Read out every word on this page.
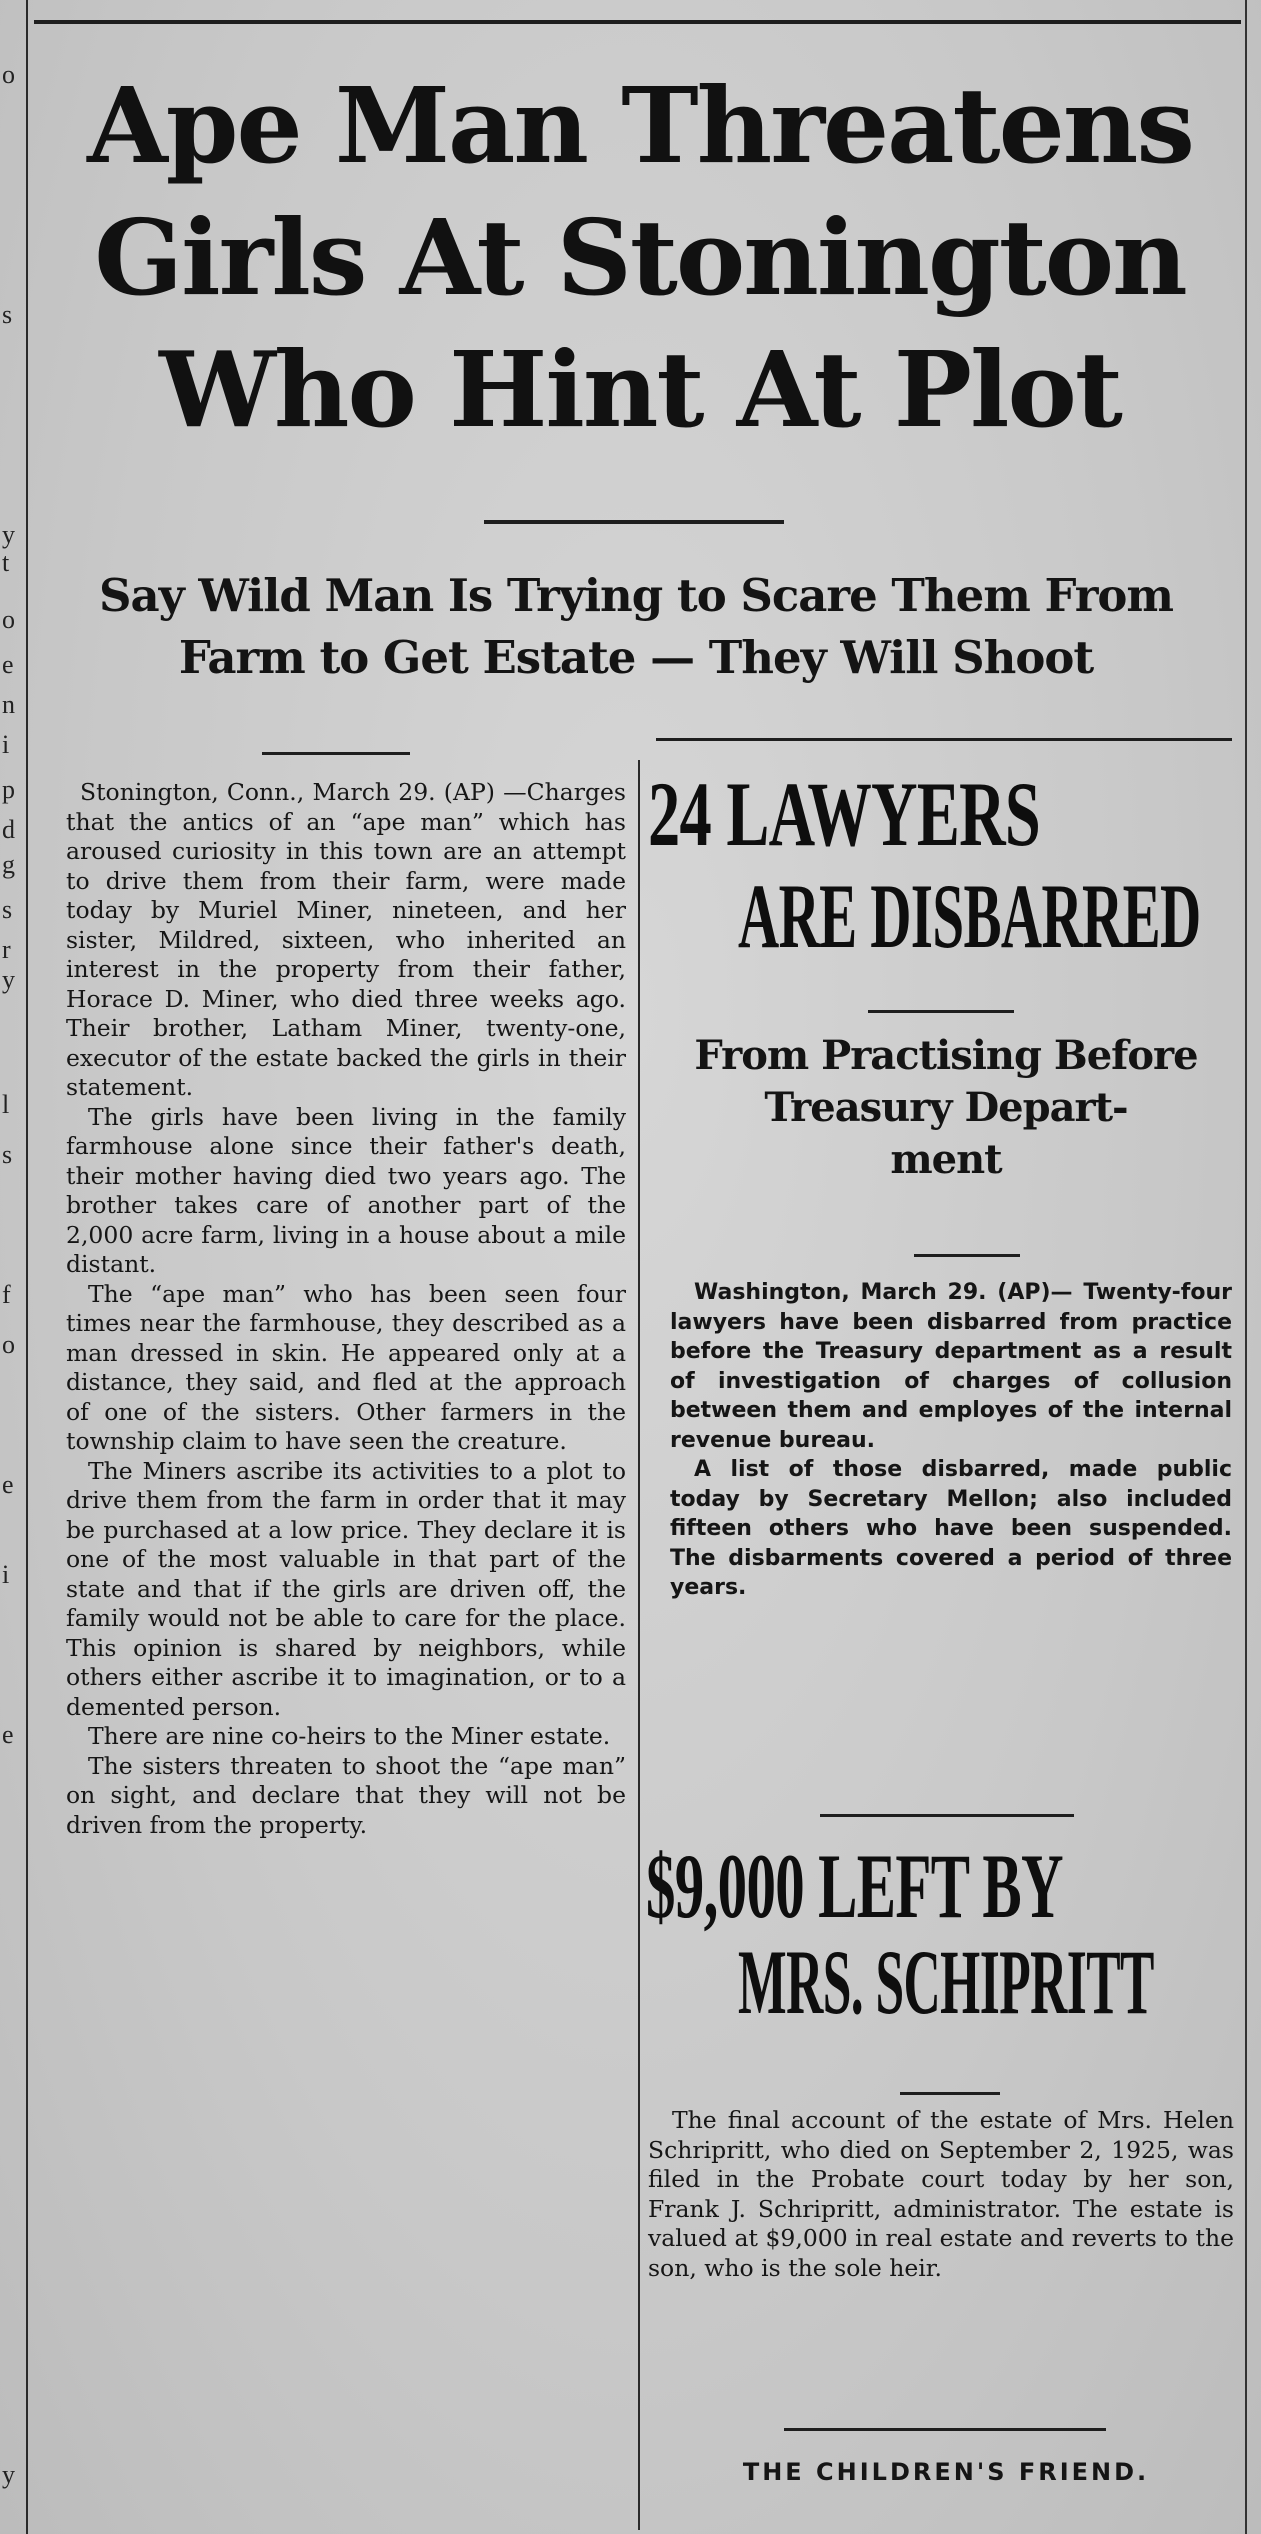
o
s
y
t
o
e
n
i
p
d
g
s
r
y
l
s
f
o
e
i
e
y
Ape Man Threatens
Girls At Stonington
Who Hint At Plot
Say Wild Man Is Trying to Scare Them From
Farm to Get Estate — They Will Shoot

Stonington, Conn., March 29. (AP) —Charges that the antics of an “ape man” which has aroused curiosity in this town are an attempt to drive them from their farm, were made today by Muriel Miner, nineteen, and her sister, Mildred, sixteen, who inherited an interest in the property from their father, Horace D. Miner, who died three weeks ago. Their brother, Latham Miner, twenty-one, executor of the estate backed the girls in their statement.

The girls have been living in the family farmhouse alone since their father's death, their mother having died two years ago. The brother takes care of another part of the 2,000 acre farm, living in a house about a mile distant.

The “ape man” who has been seen four times near the farmhouse, they described as a man dressed in skin. He appeared only at a distance, they said, and fled at the approach of one of the sisters. Other farmers in the township claim to have seen the creature.

The Miners ascribe its activities to a plot to drive them from the farm in order that it may be purchased at a low price. They declare it is one of the most valuable in that part of the state and that if the girls are driven off, the family would not be able to care for the place. This opinion is shared by neighbors, while others either ascribe it to imagination, or to a demented person.

There are nine co-heirs to the Miner estate.

The sisters threaten to shoot the “ape man” on sight, and declare that they will not be driven from the property.

24 LAWYERS
ARE DISBARRED
From Practising Before
Treasury Depart-
ment

Washington, March 29. (AP)— Twenty-four lawyers have been disbarred from practice before the Treasury department as a result of investigation of charges of collusion between them and employes of the internal revenue bureau.

A list of those disbarred, made public today by Secretary Mellon; also included fifteen others who have been suspended. The disbarments covered a period of three years.

$9,000 LEFT BY
MRS. SCHIPRITT

The final account of the estate of Mrs. Helen Schripritt, who died on September 2, 1925, was filed in the Probate court today by her son, Frank J. Schripritt, administrator. The estate is valued at $9,000 in real estate and reverts to the son, who is the sole heir.

THE CHILDREN'S FRIEND.
